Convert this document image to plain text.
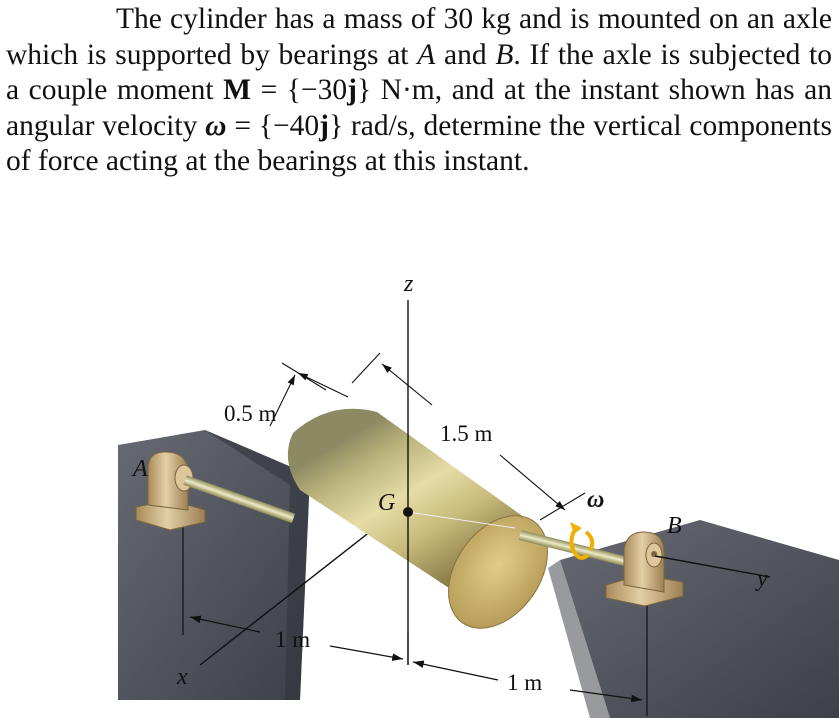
The cylinder has a mass of 30 kg and is mounted on an axle which is supported by bearings at A and B. If the axle is subjected to a couple moment M = {−30j} N·m, and at the instant shown has an angular velocity ω = {−40j} rad/s, determine the vertical components of force acting at the bearings at this instant.
z
x
y
A
B
G	ω
0.5 m
1.5 m
1 m
1 m
